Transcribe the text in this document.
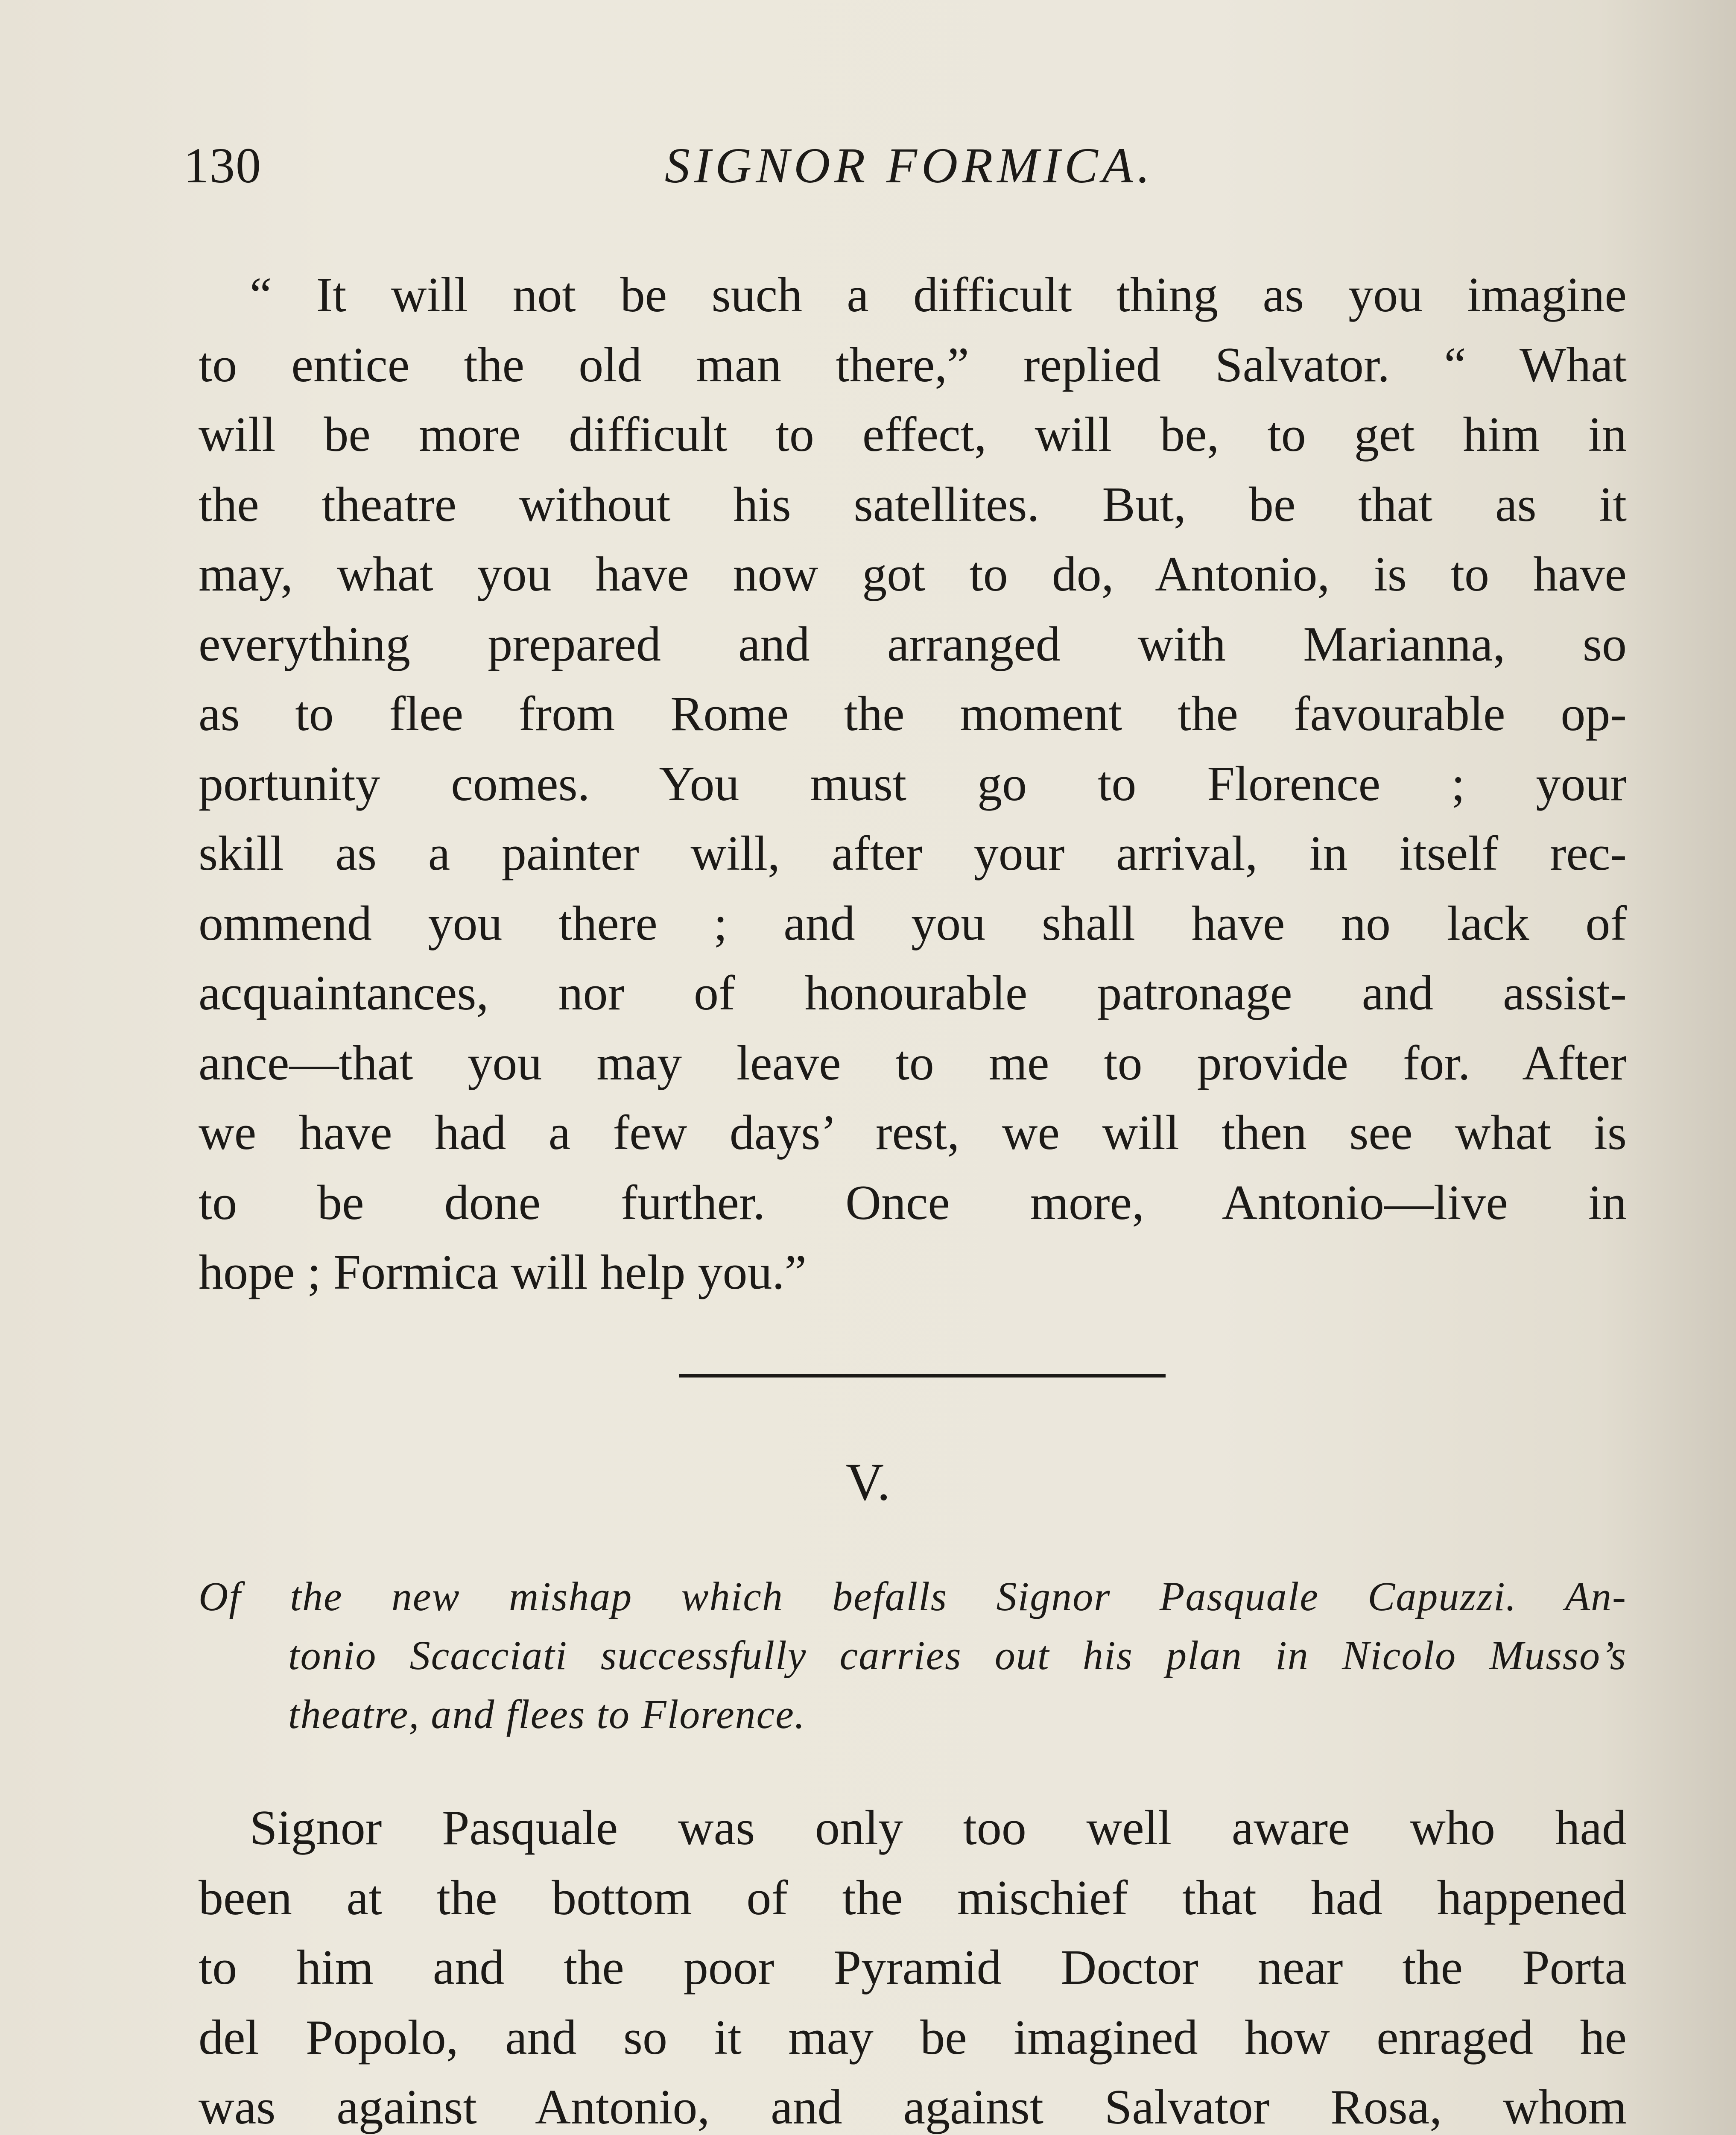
130	SIGNOR FORMICA.

“ It will not be such a difficult thing as you imagine
to entice the old man there,” replied Salvator. “ What
will be more difficult to effect, will be, to get him in
the theatre without his satellites. But, be that as it
may, what you have now got to do, Antonio, is to have
everything prepared and arranged with Marianna, so
as to flee from Rome the moment the favourable op-
portunity comes. You must go to Florence ; your
skill as a painter will, after your arrival, in itself rec-
ommend you there ; and you shall have no lack of
acquaintances, nor of honourable patronage and assist-
ance—that you may leave to me to provide for. After
we have had a few days’ rest, we will then see what is
to be done further. Once more, Antonio—live in
hope ; Formica will help you.”

V.

Of the new mishap which befalls Signor Pasquale Capuzzi. An-
tonio Scacciati successfully carries out his plan in Nicolo Musso’s
theatre, and flees to Florence.

Signor Pasquale was only too well aware who had
been at the bottom of the mischief that had happened
to him and the poor Pyramid Doctor near the Porta
del Popolo, and so it may be imagined how enraged he
was against Antonio, and against Salvator Rosa, whom
